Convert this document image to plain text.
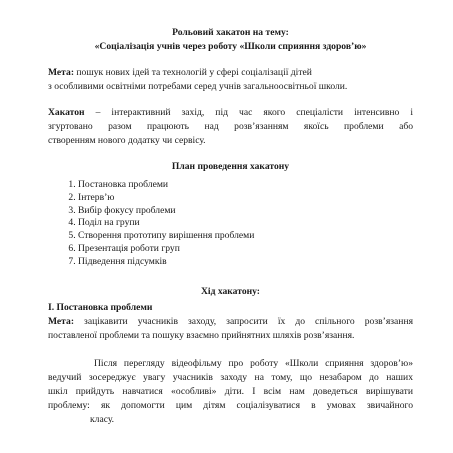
Рольовий хакатон на тему:

«Соціалізація учнів через роботу «Школи сприяння здоров’ю»

Мета: пошук нових ідей та технологій у сфері соціалізації дітей
з особливими освітніми потребами серед учнів загальноосвітньої школи.

Хакатон – інтерактивний захід, під час якого спеціалісти інтенсивно і
згуртовано разом працюють над розв’язанням якоїсь проблеми або
створенням нового додатку чи сервісу.

План проведення хакатону

1. Постановка проблеми
2. Інтерв’ю
3. Вибір фокусу проблеми
4. Поділ на групи
5. Створення прототипу вирішення проблеми
6. Презентація роботи груп
7. Підведення підсумків

Хід хакатону:

І. Постановка проблеми

Мета: зацікавити учасників заходу, запросити їх до спільного розв’язання
поставленої проблеми та пошуку взаємно прийнятних шляхів розв’язання.

Після перегляду відеофільму про роботу «Школи сприяння здоров’ю»
ведучий зосереджує увагу учасників заходу на тому, що незабаром до наших
шкіл прийдуть навчатися «особливі» діти. І всім нам доведеться вирішувати
проблему: як допомогти цим дітям соціалізуватися в умовах звичайного
класу.
